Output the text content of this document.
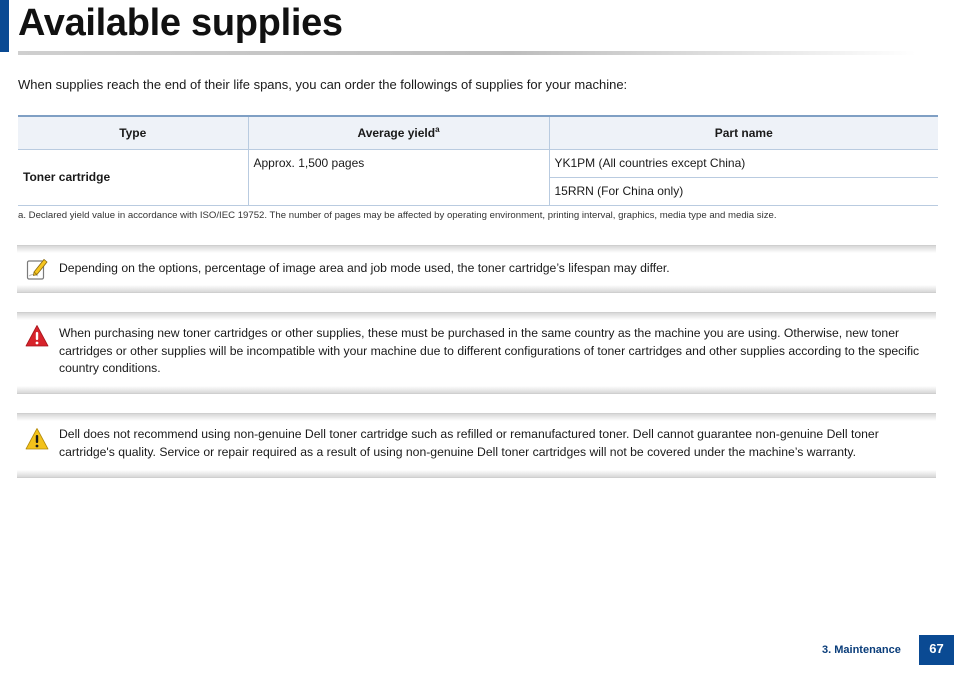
Available supplies

When supplies reach the end of their life spans, you can order the followings of supplies for your machine:

Type	Average yield$^a$	Part name
Toner cartridge	Approx. 1,500 pages	YK1PM (All countries except China)
		15RRN (For China only)

a. Declared yield value in accordance with ISO/IEC 19752. The number of pages may be affected by operating environment, printing interval, graphics, media type and media size.

Depending on the options, percentage of image area and job mode used, the toner cartridge’s lifespan may differ.

When purchasing new toner cartridges or other supplies, these must be purchased in the same country as the machine you are using. Otherwise, new toner cartridges or other supplies will be incompatible with your machine due to different configurations of toner cartridges and other supplies according to the specific country conditions.

Dell does not recommend using non-genuine Dell toner cartridge such as refilled or remanufactured toner. Dell cannot guarantee non-genuine Dell toner cartridge's quality. Service or repair required as a result of using non-genuine Dell toner cartridges will not be covered under the machine’s warranty.

3. Maintenance	67
